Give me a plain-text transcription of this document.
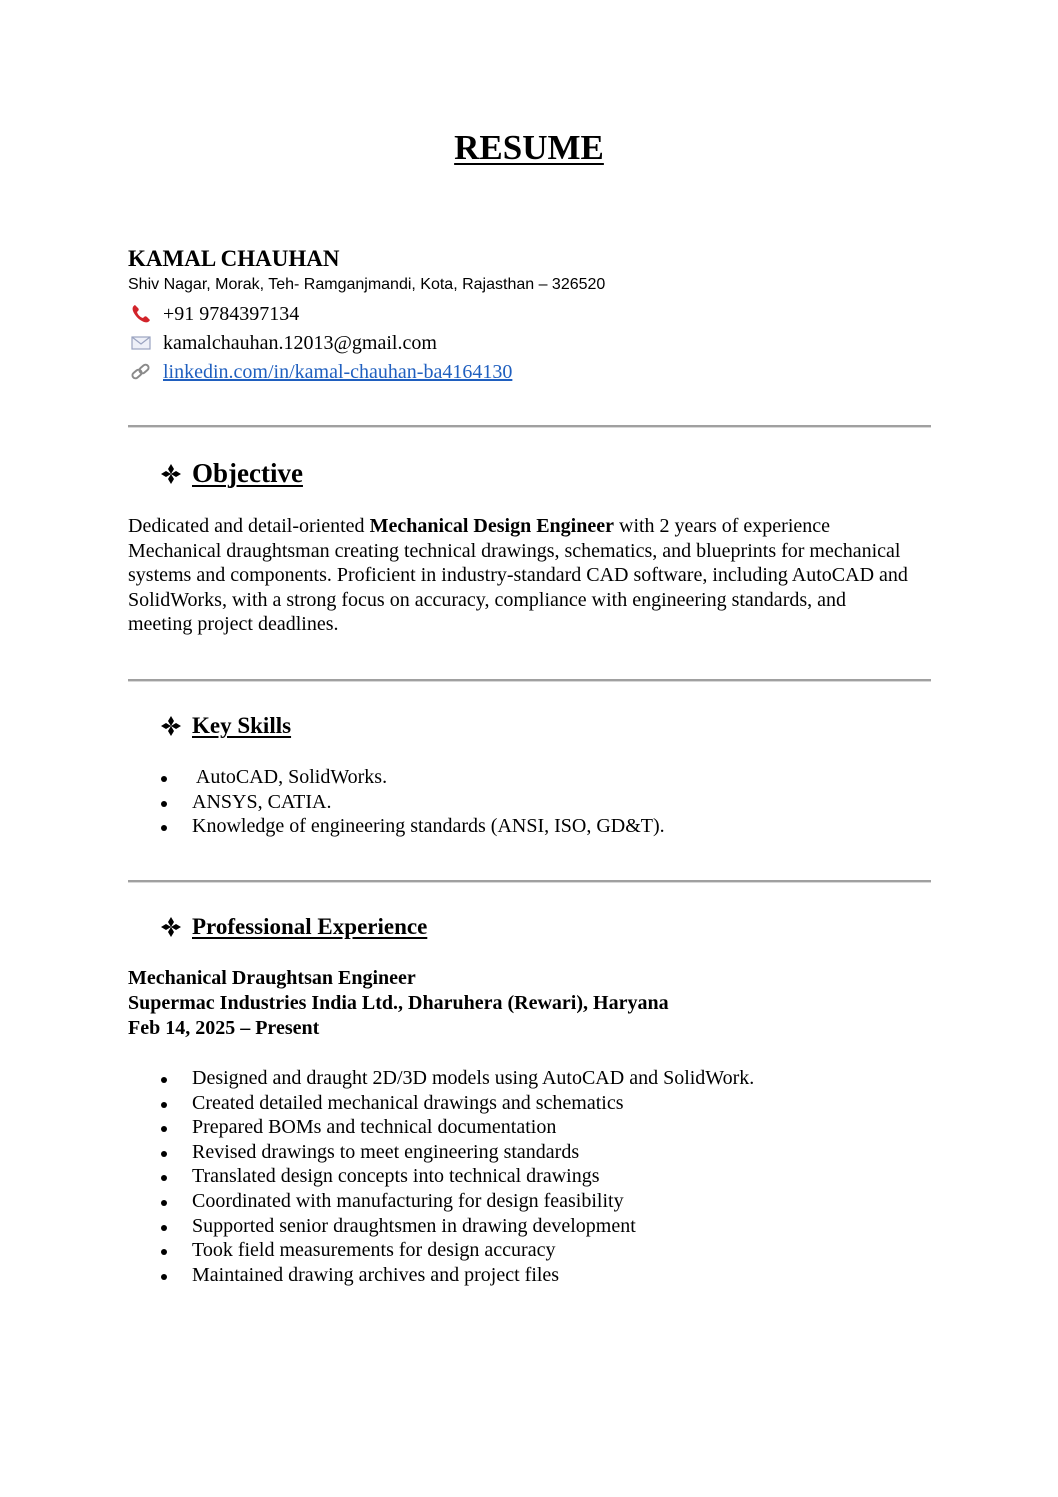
RESUME
KAMAL CHAUHAN
Shiv Nagar, Morak, Teh- Ramganjmandi, Kota, Rajasthan – 326520
+91 9784397134
kamalchauhan.12013@gmail.com
linkedin.com/in/kamal-chauhan-ba4164130
Objective
Dedicated and detail-oriented Mechanical Design Engineer with 2 years of experience Mechanical draughtsman creating technical drawings, schematics, and blueprints for mechanical systems and components. Proficient in industry-standard CAD software, including AutoCAD and SolidWorks, with a strong focus on accuracy, compliance with engineering standards, and meeting project deadlines.
Key Skills
AutoCAD, SolidWorks.
ANSYS, CATIA.
Knowledge of engineering standards (ANSI, ISO, GD&T).
Professional Experience
Mechanical Draughtsan Engineer
Supermac Industries India Ltd., Dharuhera (Rewari), Haryana
Feb 14, 2025 – Present
Designed and draught 2D/3D models using AutoCAD and SolidWork.
Created detailed mechanical drawings and schematics
Prepared BOMs and technical documentation
Revised drawings to meet engineering standards
Translated design concepts into technical drawings
Coordinated with manufacturing for design feasibility
Supported senior draughtsmen in drawing development
Took field measurements for design accuracy
Maintained drawing archives and project files
